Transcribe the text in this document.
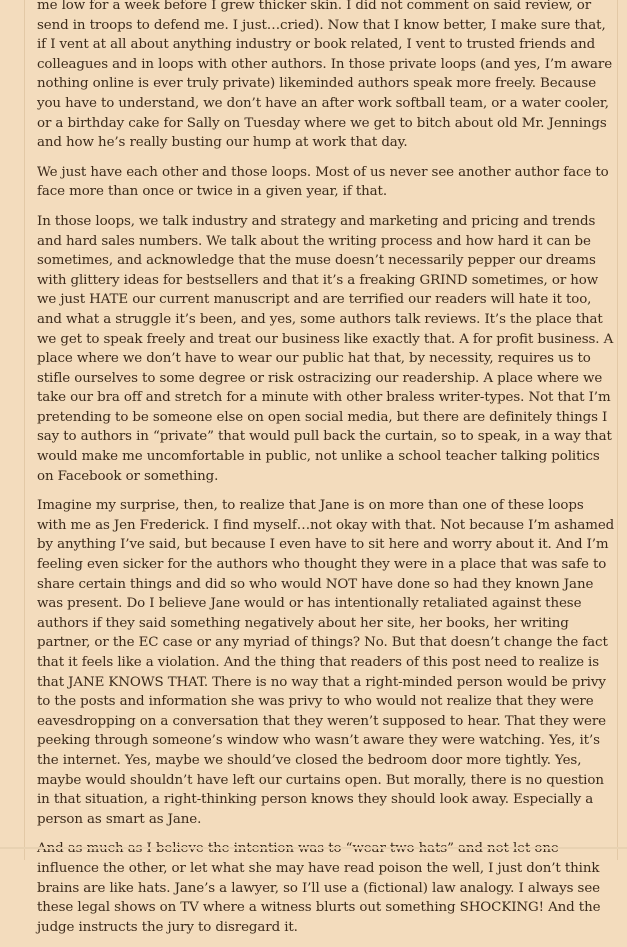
me low for a week before I grew thicker skin. I did not comment on said review, or send in troops to defend me. I just…cried). Now that I know better, I make sure that, if I vent at all about anything industry or book related, I vent to trusted friends and colleagues and in loops with other authors. In those private loops (and yes, I’m aware nothing online is ever truly private) likeminded authors speak more freely. Because you have to understand, we don’t have an after work softball team, or a water cooler, or a birthday cake for Sally on Tuesday where we get to bitch about old Mr. Jennings and how he’s really busting our hump at work that day.

We just have each other and those loops. Most of us never see another author face to face more than once or twice in a given year, if that.

In those loops, we talk industry and strategy and marketing and pricing and trends and hard sales numbers. We talk about the writing process and how hard it can be sometimes, and acknowledge that the muse doesn’t necessarily pepper our dreams with glittery ideas for bestsellers and that it’s a freaking GRIND sometimes, or how we just HATE our current manuscript and are terrified our readers will hate it too, and what a struggle it’s been, and yes, some authors talk reviews. It’s the place that we get to speak freely and treat our business like exactly that. A for profit business. A place where we don’t have to wear our public hat that, by necessity, requires us to stifle ourselves to some degree or risk ostracizing our readership. A place where we take our bra off and stretch for a minute with other braless writer-types. Not that I’m pretending to be someone else on open social media, but there are definitely things I say to authors in “private” that would pull back the curtain, so to speak, in a way that would make me uncomfortable in public, not unlike a school teacher talking politics on Facebook or something.

Imagine my surprise, then, to realize that Jane is on more than one of these loops with me as Jen Frederick. I find myself…not okay with that. Not because I’m ashamed by anything I’ve said, but because I even have to sit here and worry about it. And I’m feeling even sicker for the authors who thought they were in a place that was safe to share certain things and did so who would NOT have done so had they known Jane was present. Do I believe Jane would or has intentionally retaliated against these authors if they said something negatively about her site, her books, her writing partner, or the EC case or any myriad of things? No. But that doesn’t change the fact that it feels like a violation. And the thing that readers of this post need to realize is that JANE KNOWS THAT. There is no way that a right-minded person would be privy to the posts and information she was privy to who would not realize that they were eavesdropping on a conversation that they weren’t supposed to hear. That they were peeking through someone’s window who wasn’t aware they were watching. Yes, it’s the internet. Yes, maybe we should’ve closed the bedroom door more tightly. Yes, maybe would shouldn’t have left our curtains open. But morally, there is no question in that situation, a right-thinking person knows they should look away. Especially a person as smart as Jane.

influence the other, or let what she may have read poison the well, I just don’t think brains are like hats. Jane’s a lawyer, so I’ll use a (fictional) law analogy. I always see these legal shows on TV where a witness blurts out something SHOCKING! And the judge instructs the jury to disregard it.
